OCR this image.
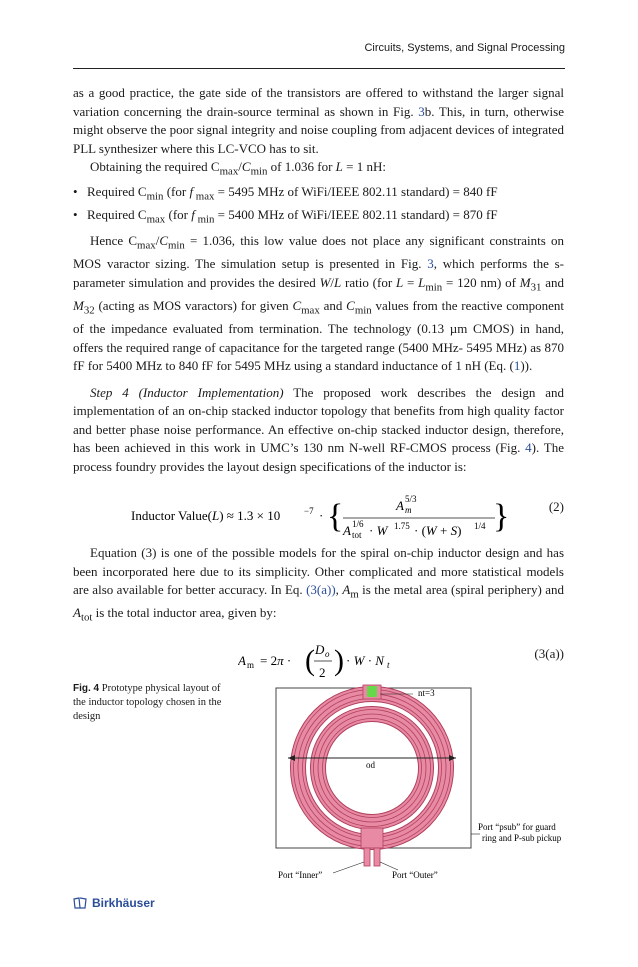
Circuits, Systems, and Signal Processing

as a good practice, the gate side of the transistors are offered to withstand the larger signal variation concerning the drain-source terminal as shown in Fig. 3b. This, in turn, otherwise might observe the poor signal integrity and noise coupling from adjacent devices of integrated PLL synthesizer where this LC-VCO has to sit.

Obtaining the required $C_{max}/C_{min}$ of 1.036 for L = 1 nH:

• Required $C_{min}$ (for f $_{max}$ = 5495 MHz of WiFi/IEEE 802.11 standard) = 840 fF
• Required $C_{max}$ (for f $_{min}$ = 5400 MHz of WiFi/IEEE 802.11 standard) = 870 fF

Hence $C_{max}/C_{min} = 1.036$, this low value does not place any significant constraints on MOS varactor sizing. The simulation setup is presented in Fig. 3, which performs the s-parameter simulation and provides the desired W/L ratio (for $L = L_{min} = 120$ nm) of $M_{31}$ and $M_{32}$ (acting as MOS varactors) for given $C_{max}$ and $C_{min}$ values from the reactive component of the impedance evaluated from termination. The technology (0.13 µm CMOS) in hand, offers the required range of capacitance for the targeted range (5400 MHz- 5495 MHz) as 870 fF for 5400 MHz to 840 fF for 5495 MHz using a standard inductance of 1 nH (Eq. (1)).

Step 4 (Inductor Implementation) The proposed work describes the design and implementation of an on-chip stacked inductor topology that benefits from high quality factor and better phase noise performance. An effective on-chip stacked inductor design, therefore, has been achieved in this work in UMC’s 130 nm N-well RF-CMOS process (Fig. 4). The process foundry provides the layout design specifications of the inductor is:

Inductor Value(L) ≈ 1.3 × 10	−7 · {	A m
5/3
A tot
1/6 · W 1.75 · (W + S) 1/4 }	(2)

Equation (3) is one of the possible models for the spiral on-chip inductor design and has been incorporated here due to its simplicity. Other complicated and more statistical models are also available for better accuracy. In Eq. (3(a)), $A_m$ is the metal area (spiral periphery) and $A_{tot}$ is the total inductor area, given by:

A m = 2π · ( D o
2 ) · W · N t
(3(a))
Fig. 4 Prototype physical layout of the inductor topology chosen in the design
od
nt=3
Port “psub” for guard
ring and P-sub pickup
Port “Inner”	Port “Outer”
Birkhäuser
